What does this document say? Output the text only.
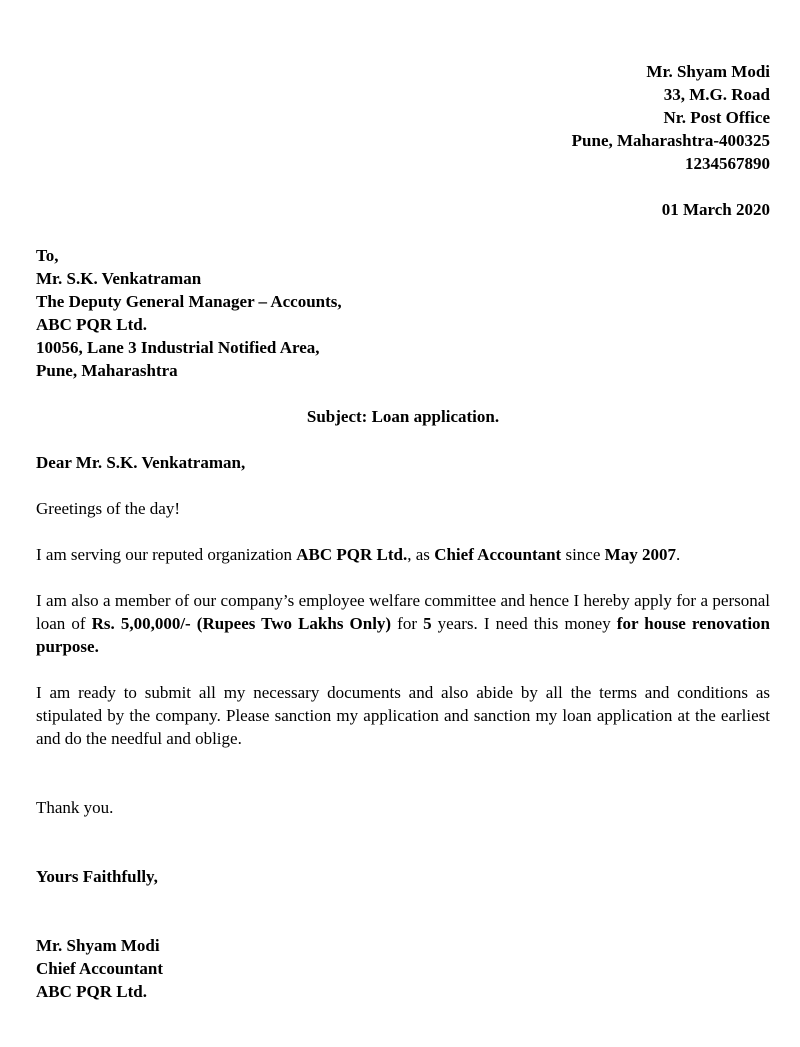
Mr. Shyam Modi
33, M.G. Road
Nr. Post Office
Pune, Maharashtra-400325
1234567890
01 March 2020
To,
Mr. S.K. Venkatraman
The Deputy General Manager – Accounts,
ABC PQR Ltd.
10056, Lane 3 Industrial Notified Area,
Pune, Maharashtra
Subject: Loan application.
Dear Mr. S.K. Venkatraman,
Greetings of the day!
I am serving our reputed organization ABC PQR Ltd., as Chief Accountant since May 2007.
I am also a member of our company’s employee welfare committee and hence I hereby apply for a personal loan of Rs. 5,00,000/- (Rupees Two Lakhs Only) for 5 years. I need this money for house renovation purpose.
I am ready to submit all my necessary documents and also abide by all the terms and conditions as stipulated by the company. Please sanction my application and sanction my loan application at the earliest and do the needful and oblige.
Thank you.
Yours Faithfully,
Mr. Shyam Modi
Chief Accountant
ABC PQR Ltd.
